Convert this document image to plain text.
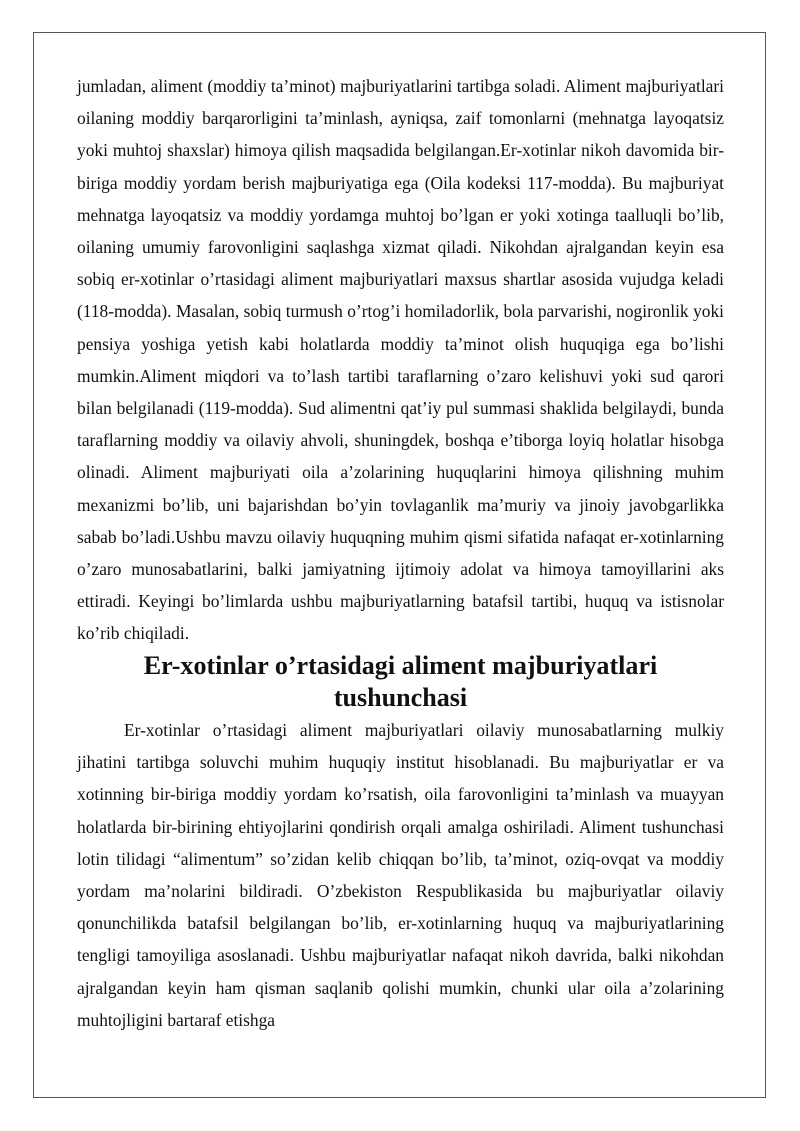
jumladan, aliment (moddiy ta’minot) majburiyatlarini tartibga soladi. Aliment majburiyatlari oilaning moddiy barqarorligini ta’minlash, ayniqsa, zaif tomonlarni (mehnatga layoqatsiz yoki muhtoj shaxslar) himoya qilish maqsadida belgilangan.Er-xotinlar nikoh davomida bir-biriga moddiy yordam berish majburiyatiga ega (Oila kodeksi 117-modda). Bu majburiyat mehnatga layoqatsiz va moddiy yordamga muhtoj bo’lgan er yoki xotinga taalluqli bo’lib, oilaning umumiy farovonligini saqlashga xizmat qiladi. Nikohdan ajralgandan keyin esa sobiq er-xotinlar o’rtasidagi aliment majburiyatlari maxsus shartlar asosida vujudga keladi (118-modda). Masalan, sobiq turmush o’rtog’i homiladorlik, bola parvarishi, nogironlik yoki pensiya yoshiga yetish kabi holatlarda moddiy ta’minot olish huquqiga ega bo’lishi mumkin.Aliment miqdori va to’lash tartibi taraflarning o’zaro kelishuvi yoki sud qarori bilan belgilanadi (119-modda). Sud alimentni qat’iy pul summasi shaklida belgilaydi, bunda taraflarning moddiy va oilaviy ahvoli, shuningdek, boshqa e’tiborga loyiq holatlar hisobga olinadi. Aliment majburiyati oila a’zolarining huquqlarini himoya qilishning muhim mexanizmi bo’lib, uni bajarishdan bo’yin tovlaganlik ma’muriy va jinoiy javobgarlikka sabab bo’ladi.Ushbu mavzu oilaviy huquqning muhim qismi sifatida nafaqat er-xotinlarning o’zaro munosabatlarini, balki jamiyatning ijtimoiy adolat va himoya tamoyillarini aks ettiradi. Keyingi bo’limlarda ushbu majburiyatlarning batafsil tartibi, huquq va istisnolar ko’rib chiqiladi.

Er-xotinlar o’rtasidagi aliment majburiyatlari tushunchasi

Er-xotinlar o’rtasidagi aliment majburiyatlari oilaviy munosabatlarning mulkiy jihatini tartibga soluvchi muhim huquqiy institut hisoblanadi. Bu majburiyatlar er va xotinning bir-biriga moddiy yordam ko’rsatish, oila farovonligini ta’minlash va muayyan holatlarda bir-birining ehtiyojlarini qondirish orqali amalga oshiriladi. Aliment tushunchasi lotin tilidagi “alimentum” so’zidan kelib chiqqan bo’lib, ta’minot, oziq-ovqat va moddiy yordam ma’nolarini bildiradi. O’zbekiston Respublikasida bu majburiyatlar oilaviy qonunchilikda batafsil belgilangan bo’lib, er-xotinlarning huquq va majburiyatlarining tengligi tamoyiliga asoslanadi. Ushbu majburiyatlar nafaqat nikoh davrida, balki nikohdan ajralgandan keyin ham qisman saqlanib qolishi mumkin, chunki ular oila a’zolarining muhtojligini bartaraf etishga
